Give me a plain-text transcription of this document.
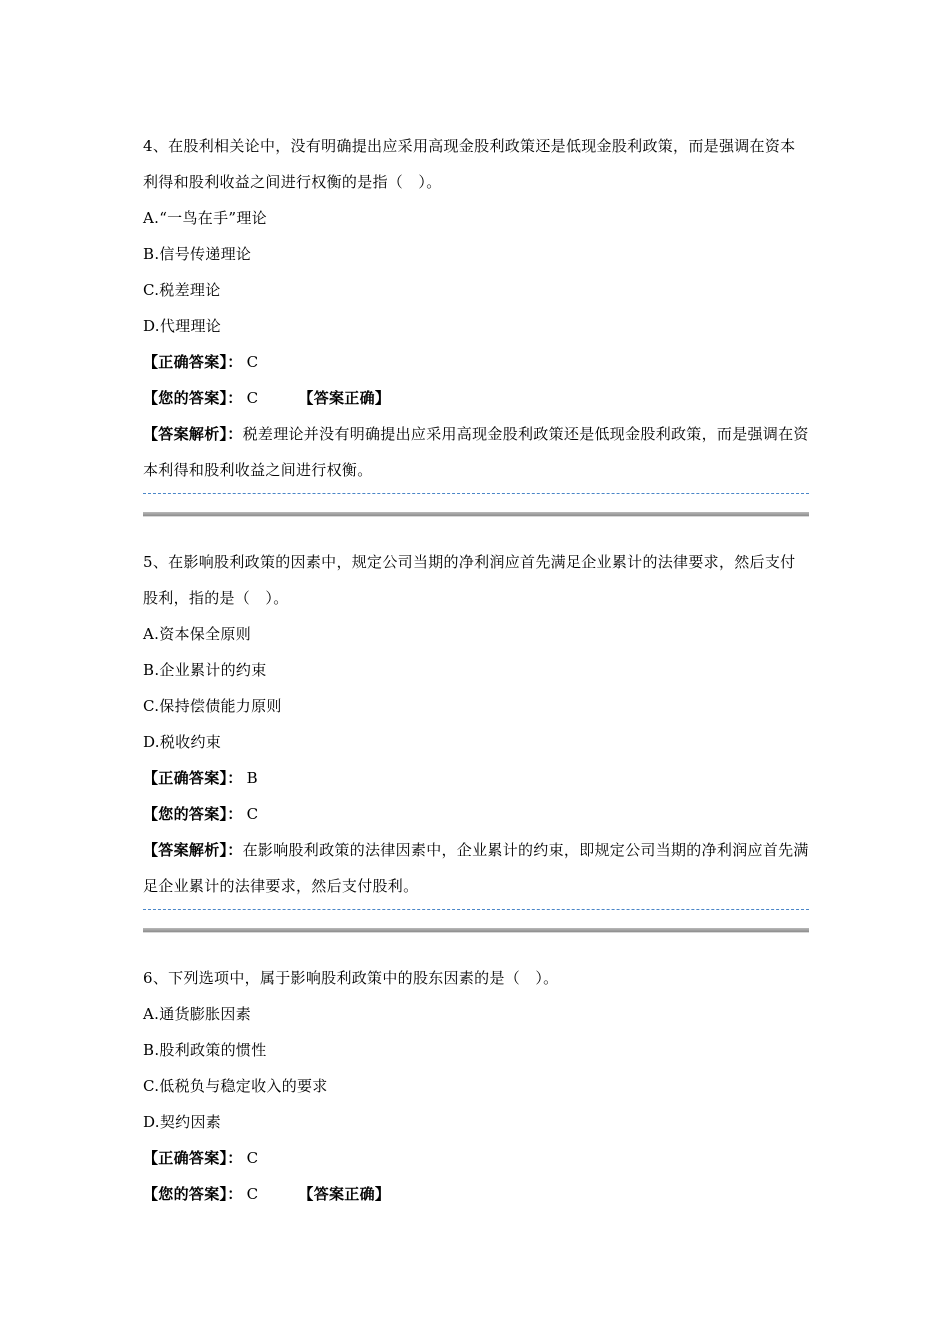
4、在股利相关论中，没有明确提出应采用高现金股利政策还是低现金股利政策，而是强调在资本利得和股利收益之间进行权衡的是指（　）。
A.“一鸟在手”理论
B.信号传递理论
C.税差理论
D.代理理论
【正确答案】： C
【您的答案】： C	【答案正确】
【答案解析】：税差理论并没有明确提出应采用高现金股利政策还是低现金股利政策，而是强调在资本利得和股利收益之间进行权衡。
5、在影响股利政策的因素中，规定公司当期的净利润应首先满足企业累计的法律要求，然后支付股利，指的是（　）。
A.资本保全原则
B.企业累计的约束
C.保持偿债能力原则
D.税收约束
【正确答案】： B
【您的答案】： C
【答案解析】：在影响股利政策的法律因素中，企业累计的约束，即规定公司当期的净利润应首先满足企业累计的法律要求，然后支付股利。
6、下列选项中，属于影响股利政策中的股东因素的是（　）。
A.通货膨胀因素
B.股利政策的惯性
C.低税负与稳定收入的要求
D.契约因素
【正确答案】： C
【您的答案】： C	【答案正确】
